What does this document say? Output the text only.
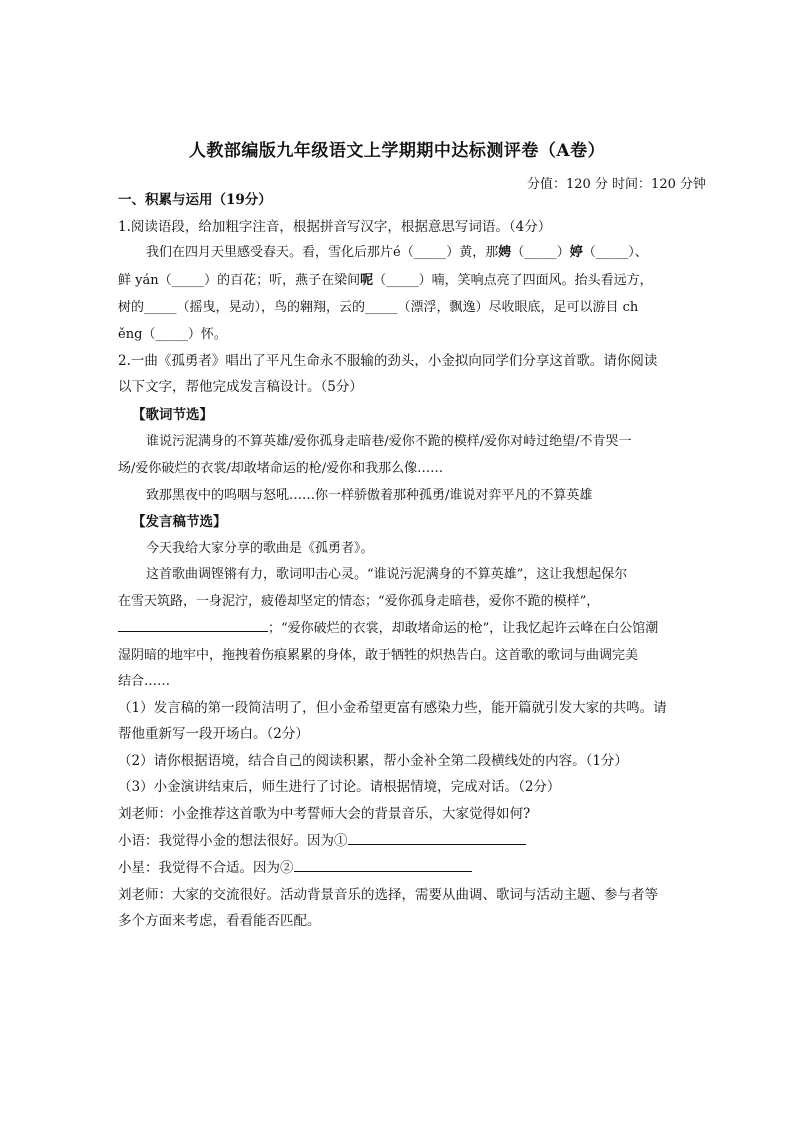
人教部编版九年级语文上学期期中达标测评卷（A卷）
分值：120 分 时间：120 分钟
一、积累与运用（19分）
1.阅读语段，给加粗字注音，根据拼音写汉字，根据意思写词语。（4分）
我们在四月天里感受春天。看，雪化后那片é（_____）黄，那娉（_____）婷（_____）、
鲜 yán（_____）的百花；听，燕子在梁间呢（_____）喃，笑响点亮了四面风。抬头看远方，
树的_____（摇曳，晃动），鸟的翱翔，云的_____（漂浮，飘逸）尽收眼底，足可以游目 ch
ěng（_____）怀。
2.一曲《孤勇者》唱出了平凡生命永不服输的劲头，小金拟向同学们分享这首歌。请你阅读
以下文字，帮他完成发言稿设计。（5分）
【歌词节选】
谁说污泥满身的不算英雄/爱你孤身走暗巷/爱你不跪的模样/爱你对峙过绝望/不肯哭一
场/爱你破烂的衣裳/却敢堵命运的枪/爱你和我那么像……
致那黑夜中的呜咽与怒吼……你一样骄傲着那种孤勇/谁说对弈平凡的不算英雄
【发言稿节选】
今天我给大家分享的歌曲是《孤勇者》。
这首歌曲调铿锵有力，歌词叩击心灵。“谁说污泥满身的不算英雄”，这让我想起保尔
在雪天筑路，一身泥泞，疲倦却坚定的情态；“爱你孤身走暗巷，爱你不跪的模样”，
；“爱你破烂的衣裳，却敢堵命运的枪”，让我忆起许云峰在白公馆潮
湿阴暗的地牢中，拖拽着伤痕累累的身体，敢于牺牲的炽热告白。这首歌的歌词与曲调完美
结合……
（1）发言稿的第一段简洁明了，但小金希望更富有感染力些，能开篇就引发大家的共鸣。请
帮他重新写一段开场白。（2分）
（2）请你根据语境，结合自己的阅读积累，帮小金补全第二段横线处的内容。（1分）
（3）小金演讲结束后，师生进行了讨论。请根据情境，完成对话。（2分）
刘老师：小金推荐这首歌为中考誓师大会的背景音乐，大家觉得如何?
小语：我觉得小金的想法很好。因为①
小星：我觉得不合适。因为②
刘老师：大家的交流很好。活动背景音乐的选择，需要从曲调、歌词与活动主题、参与者等
多个方面来考虑，看看能否匹配。
